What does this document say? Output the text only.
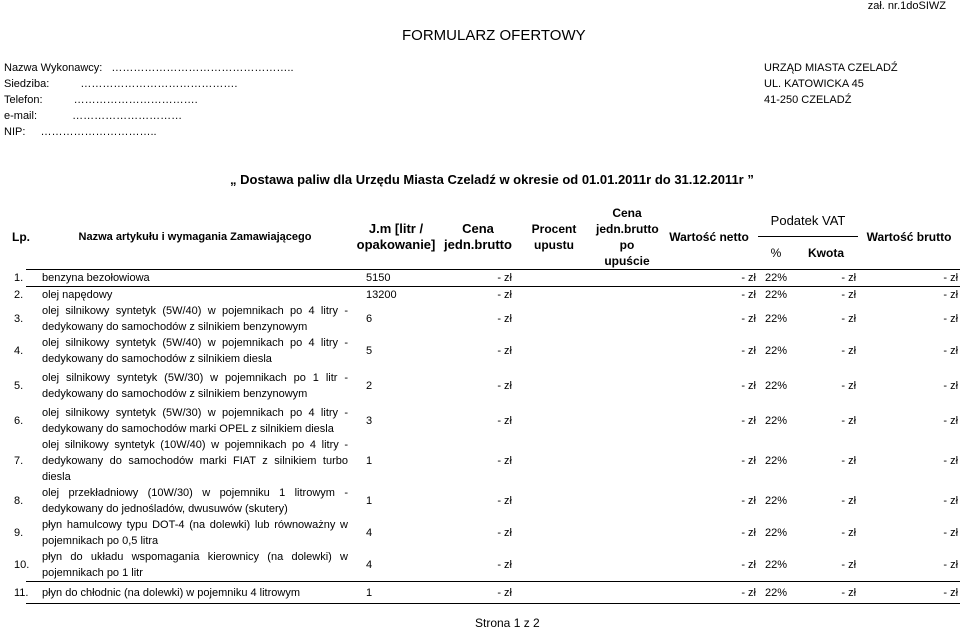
zał. nr.1doSIWZ
FORMULARZ OFERTOWY
Nazwa Wykonawcy: …………………………………………..
Siedziba:	…………………………………….
Telefon:	…………………………….
e-mail:	…………………………
NIP: …………………………..
URZĄD MIASTA CZELADŹ
UL. KATOWICKA 45
41-250 CZELADŹ
„ Dostawa paliw dla Urzędu Miasta Czeladź w okresie od 01.01.2011r do 31.12.2011r ”
Lp.	Nazwa artykułu i wymagania Zamawiającego	J.m [litr / opakowanie]	Cena jedn.brutto	Procent upustu	Cena jedn.brutto po upuście	Wartość netto	Podatek VAT	Wartość brutto
%	Kwota
1.	benzyna bezołowiowa	5150	- zł			- zł	22%	- zł	- zł
2.	olej napędowy	13200	- zł			- zł	22%	- zł	- zł
3.	olej silnikowy syntetyk (5W/40) w pojemnikach po 4 litry - dedykowany do samochodów z silnikiem benzynowym	6	- zł			- zł	22%	- zł	- zł
4.	olej silnikowy syntetyk (5W/40) w pojemnikach po 4 litry - dedykowany do samochodów z silnikiem diesla	5	- zł			- zł	22%	- zł	- zł
5.	olej silnikowy syntetyk (5W/30) w pojemnikach po 1 litr - dedykowany do samochodów z silnikiem benzynowym	2	- zł			- zł	22%	- zł	- zł
6.	olej silnikowy syntetyk (5W/30) w pojemnikach po 4 litry - dedykowany do samochodów marki OPEL z silnikiem diesla	3	- zł			- zł	22%	- zł	- zł
7.	olej silnikowy syntetyk (10W/40) w pojemnikach po 4 litry - dedykowany do samochodów marki FIAT z silnikiem turbo diesla	1	- zł			- zł	22%	- zł	- zł
8.	olej przekładniowy (10W/30) w pojemniku 1 litrowym - dedykowany do jednośladów, dwusuwów (skutery)	1	- zł			- zł	22%	- zł	- zł
9.	płyn hamulcowy typu DOT-4 (na dolewki) lub równoważny w pojemnikach po 0,5 litra	4	- zł			- zł	22%	- zł	- zł
10.	płyn do układu wspomagania kierownicy (na dolewki) w pojemnikach po 1 litr	4	- zł			- zł	22%	- zł	- zł
11.	płyn do chłodnic (na dolewki) w pojemniku 4 litrowym	1	- zł			- zł	22%	- zł	- zł
Strona 1 z 2
